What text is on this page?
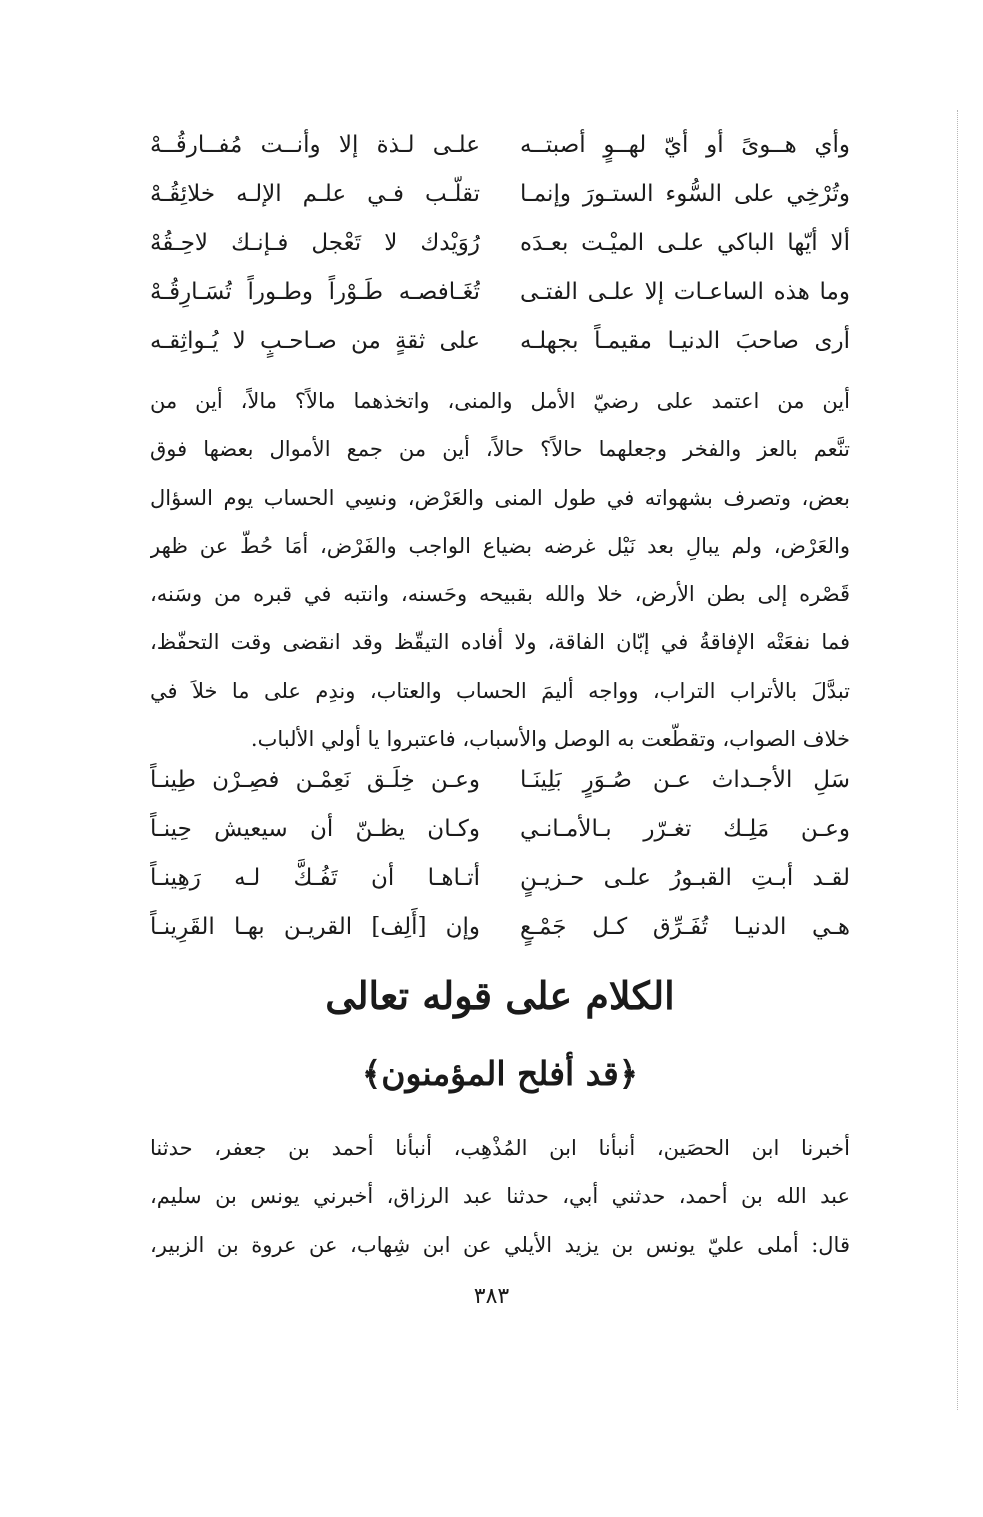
وأي هــوىً أو أيّ لهــوٍ أصبتــه
علـى لـذة إلا وأنــت مُفــارقُــهْ
وتُرْخِي على السُّوء الستـورَ وإنمـا
تقلّـب فـي علـم الإلـه خلائِقُـهْ
ألا أيّها الباكي علـى الميْـت بعـدَه
رُوَيْدك لا تَعْجل فـإنـك لاحِـقُهْ
وما هذه الساعـات إلا علـى الفتـى
تُغَـافصـه طَـوْراً وطـوراً تُسَـارِقُـهْ
أرى صاحبَ الدنيـا مقيمـاً بجهلـه
على ثقةٍ من صـاحـبٍ لا يُـواثِقـه
أين من اعتمد على رضيّ الأمل والمنى، واتخذهما مالاً؟ مالاً، أين من
تنَّعم بالعز والفخر وجعلهما حالاً؟ حالاً، أين من جمع الأموال بعضها فوق
بعض، وتصرف بشهواته في طول المنى والعَرْض، ونسِي الحساب يوم السؤال
والعَرْض، ولم يبالِ بعد نَيْل غرضه بضياع الواجب والفَرْض، أمَا حُطّ عن ظهر
قَصْره إلى بطن الأرض، خلا والله بقبيحه وحَسنه، وانتبه في قبره من وسَنه،
فما نفعَتْه الإفاقةُ في إبّان الفاقة، ولا أفاده التيقّظ وقد انقضى وقت التحفّظ،
تبدَّلَ بالأتراب التراب، وواجه أليمَ الحساب والعتاب، وندِم على ما خلاَ في
خلاف الصواب، وتقطّعت به الوصل والأسباب، فاعتبروا يا أولي الألباب.
سَلِ الأجـداث عـن صُـوَرٍ بَلِينَـا
وعـن خِلَـق نَعِمْـن فصِـرْن طِينـاً
وعـن مَلِـك تغـرّر بـالأمـانـي
وكـان يظـنّ أن سيعيش حِينـاً
لقـد أبـتِ القبـورُ علـى حـزيـنٍ
أتـاهـا أن تَفُـكَّ لـه رَهِينـاً
هـي الدنيـا تُفَـرِّق كـل جَمْـعٍ
وإن [أَلِف] القريـن بهـا القَرِينـاً
الكلام على قوله تعالى
﴿قد أفلح المؤمنون﴾
أخبرنا ابن الحصَين، أنبأنا ابن المُذْهِب، أنبأنا أحمد بن جعفر، حدثنا
عبد الله بن أحمد، حدثني أبي، حدثنا عبد الرزاق، أخبرني يونس بن سليم،
قال: أملى عليّ يونس بن يزيد الأيلي عن ابن شِهاب، عن عروة بن الزبير،
٣٨٣
